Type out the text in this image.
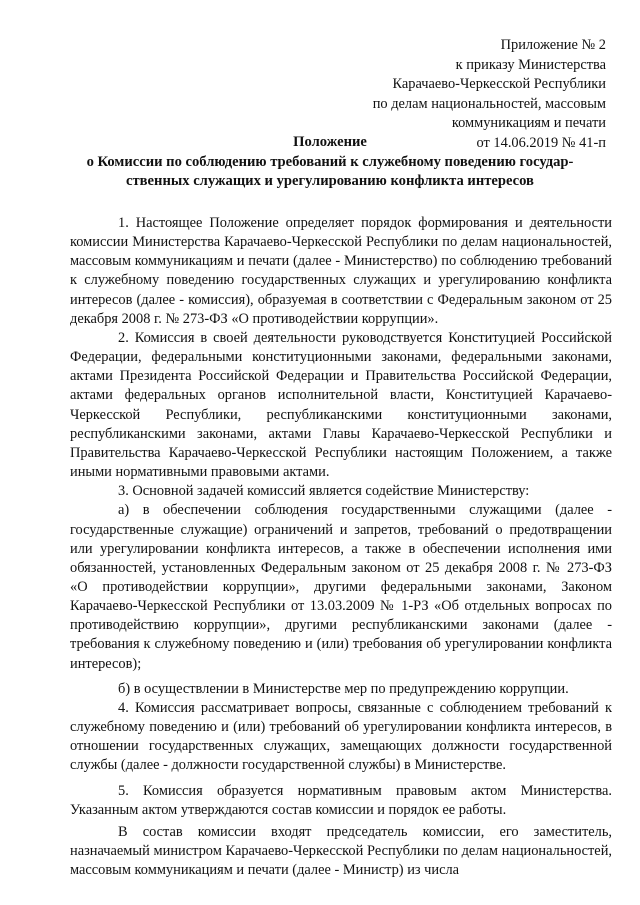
Приложение № 2
к приказу Министерства
Карачаево-Черкесской Республики
по делам национальностей, массовым
коммуникациям и печати
от 14.06.2019 № 41-п
Положение
о Комиссии по соблюдению требований к служебному поведению государ-
ственных служащих и урегулированию конфликта интересов

1. Настоящее Положение определяет порядок формирования и деятельности комиссии Министерства Карачаево-Черкесской Республики по делам национальностей, массовым коммуникациям и печати (далее - Министерство) по соблюдению требований к служебному поведению государственных служащих и урегулированию конфликта интересов (далее - комиссия), образуемая в соответствии с Федеральным законом от 25 декабря 2008 г. № 273-ФЗ «О противодействии коррупции».

2. Комиссия в своей деятельности руководствуется Конституцией Российской Федерации, федеральными конституционными законами, федеральными законами, актами Президента Российской Федерации и Правительства Российской Федерации, актами федеральных органов исполнительной власти, Конституцией Карачаево-Черкесской Республики, республиканскими конституционными законами, республиканскими законами, актами Главы Карачаево-Черкесской Республики и Правительства Карачаево-Черкесской Республики настоящим Положением, а также иными нормативными правовыми актами.

3. Основной задачей комиссий является содействие Министерству:

а) в обеспечении соблюдения государственными служащими (далее - государственные служащие) ограничений и запретов, требований о предотвращении или урегулировании конфликта интересов, а также в обеспечении исполнения ими обязанностей, установленных Федеральным законом от 25 декабря 2008 г. № 273-ФЗ «О противодействии коррупции», другими федеральными законами, Законом Карачаево-Черкесской Республики от 13.03.2009 № 1-РЗ «Об отдельных вопросах по противодействию коррупции», другими республиканскими законами (далее - требования к служебному поведению и (или) требования об урегулировании конфликта интересов);

б) в осуществлении в Министерстве мер по предупреждению коррупции.

4. Комиссия рассматривает вопросы, связанные с соблюдением требований к служебному поведению и (или) требований об урегулировании конфликта интересов, в отношении государственных служащих, замещающих должности государственной службы (далее - должности государственной службы) в Министерстве.

5. Комиссия образуется нормативным правовым актом Министерства. Указанным актом утверждаются состав комиссии и порядок ее работы.

В состав комиссии входят председатель комиссии, его заместитель, назначаемый министром Карачаево-Черкесской Республики по делам национальностей, массовым коммуникациям и печати (далее - Министр) из числа
